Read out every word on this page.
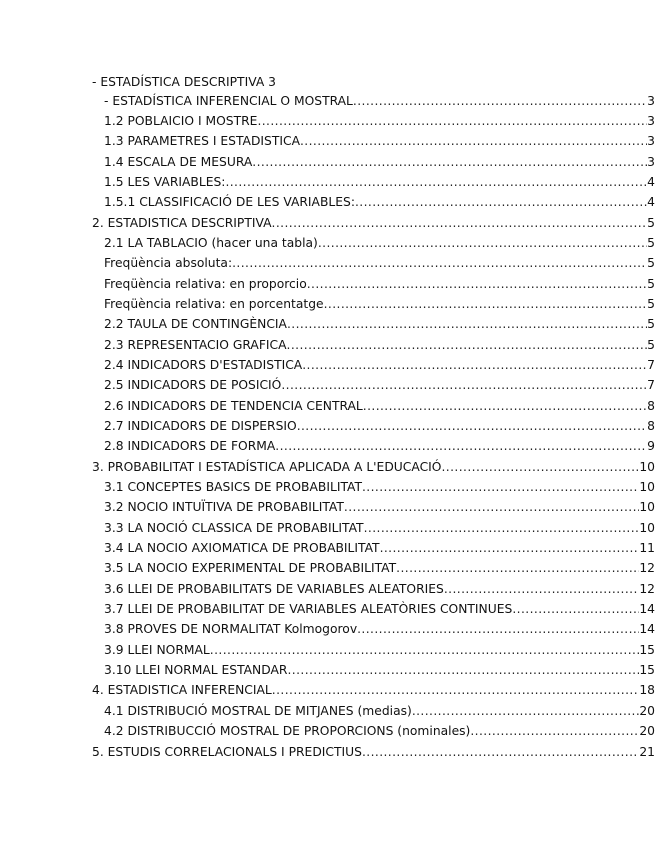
- ESTADÍSTICA DESCRIPTIVA 3
- ESTADÍSTICA INFERENCIAL O MOSTRAL .....	3
1.2 POBLAICIO I MOSTRE .....	3
1.3 PARAMETRES I ESTADISTICA .....	3
1.4 ESCALA DE MESURA .....	3
1.5 LES VARIABLES: .....	4
1.5.1 CLASSIFICACIÓ DE LES VARIABLES: .....	4
2. ESTADISTICA DESCRIPTIVA .....	5
2.1 LA TABLACIO (hacer una tabla) .....	5
Freqüència absoluta: .....	5
Freqüència relativa: en proporcio .....	5
Freqüència relativa: en porcentatge .....	5
2.2 TAULA DE CONTINGÈNCIA .....	5
2.3 REPRESENTACIO GRAFICA .....	5
2.4 INDICADORS D'ESTADISTICA .....	7
2.5 INDICADORS DE POSICIÓ .....	7
2.6 INDICADORS DE TENDENCIA CENTRAL .....	8
2.7 INDICADORS DE DISPERSIO .....	8
2.8 INDICADORS DE FORMA .....	9
3. PROBABILITAT I ESTADÍSTICA APLICADA A L'EDUCACIÓ .....	10
3.1 CONCEPTES BASICS DE PROBABILITAT .....	10
3.2 NOCIO INTUÏTIVA DE PROBABILITAT .....	10
3.3 LA NOCIÓ CLASSICA DE PROBABILITAT .....	10
3.4 LA NOCIO AXIOMATICA DE PROBABILITAT .....	11
3.5 LA NOCIO EXPERIMENTAL DE PROBABILITAT .....	12
3.6 LLEI DE PROBABILITATS DE VARIABLES ALEATORIES .....	12
3.7 LLEI DE PROBABILITAT DE VARIABLES ALEATÒRIES CONTINUES .....	14
3.8 PROVES DE NORMALITAT Kolmogorov .....	14
3.9 LLEI NORMAL .....	15
3.10 LLEI NORMAL ESTANDAR .....	15
4. ESTADISTICA INFERENCIAL .....	18
4.1 DISTRIBUCIÓ MOSTRAL DE MITJANES (medias) .....	20
4.2 DISTRIBUCCIÓ MOSTRAL DE PROPORCIONS (nominales) .....	20
5. ESTUDIS CORRELACIONALS I PREDICTIUS .....	21
